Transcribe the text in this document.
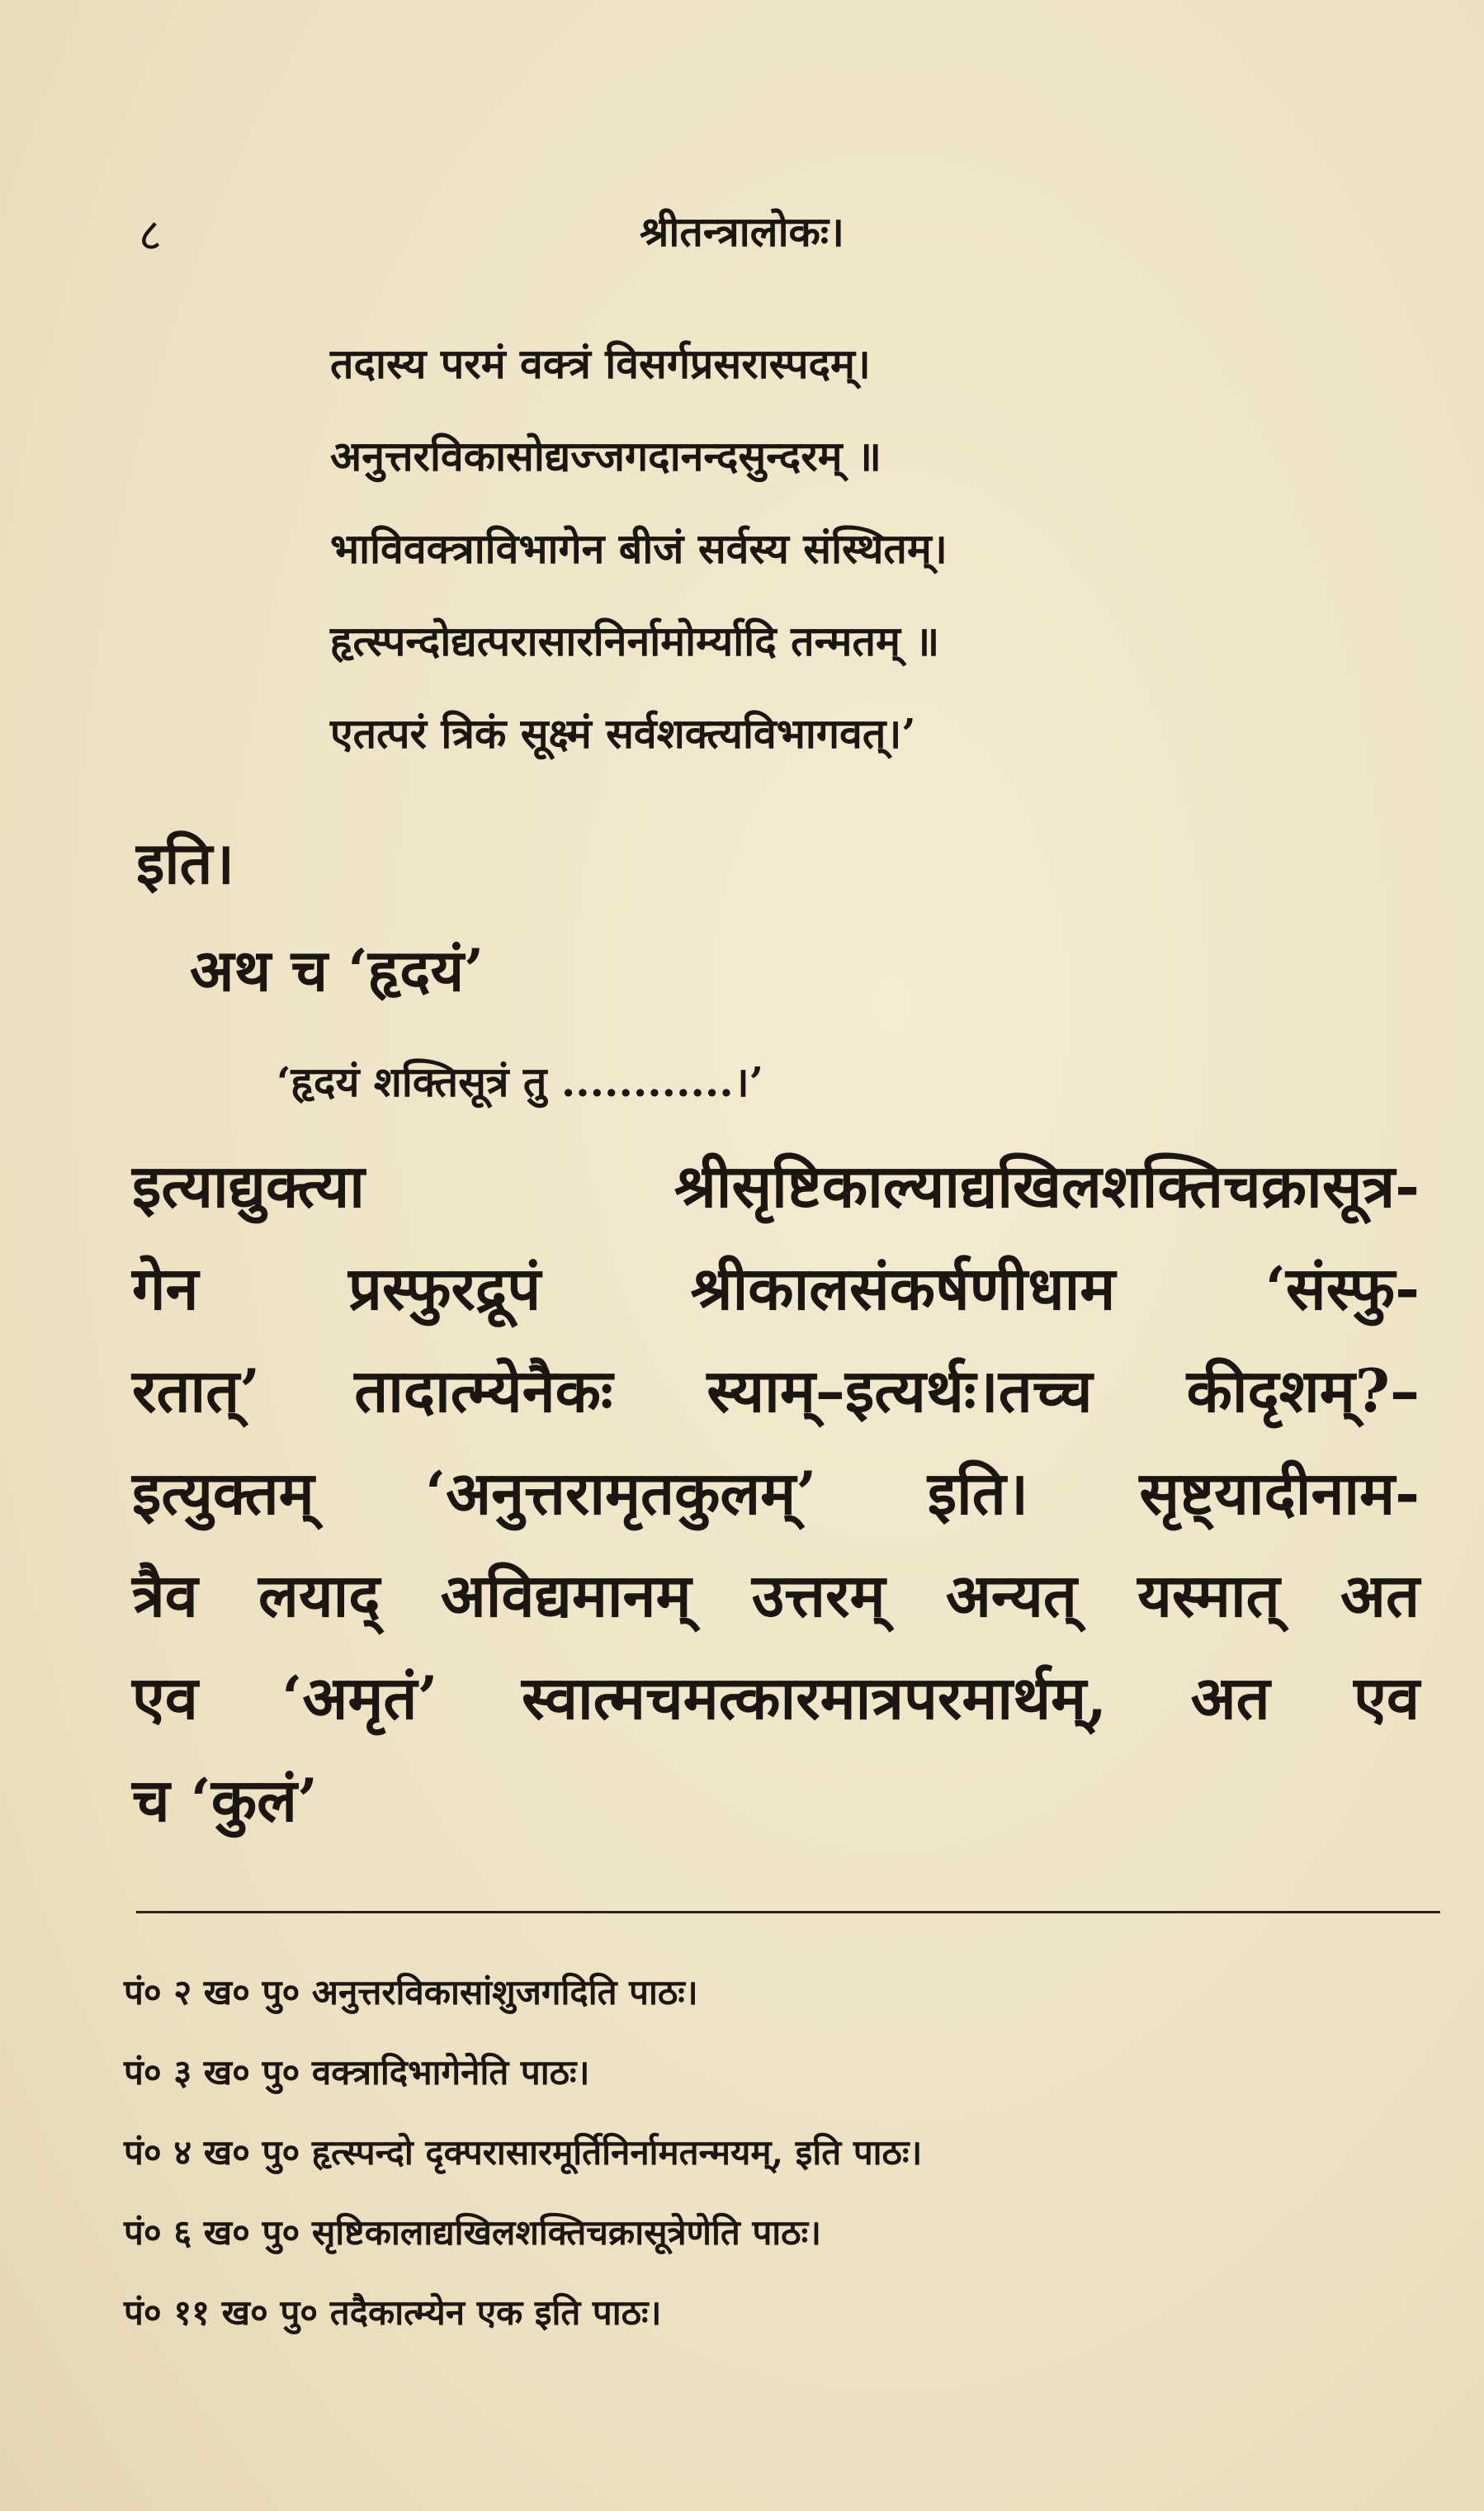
८	श्रीतन्त्रालोकः।
तदास्य परमं वक्त्रं विसर्गप्रसरास्पदम्।
अनुत्तरविकासोद्यज्जगदानन्दसुन्दरम् ॥
भाविवक्त्राविभागेन बीजं सर्वस्य संस्थितम्।
हृत्स्पन्दोद्यत्परासारनिर्नामोर्म्यादि तन्मतम् ॥
एतत्परं त्रिकं सूक्ष्मं सर्वशक्त्यविभागवत्।’
इति।
अथ च ‘हृदयं’
‘हृदयं शक्तिसूत्रं तु ............।’
इत्याद्युक्त्या श्रीसृष्टिकाल्याद्यखिलशक्तिचक्रासूत्र-
गेन प्रस्फुरद्रूपं श्रीकालसंकर्षणीधाम ‘संस्फु-
रतात्’ तादात्म्येनैकः स्याम्–इत्यर्थः।तच्च कीदृशम्?–
इत्युक्तम् ‘अनुत्तरामृतकुलम्’ इति। सृष्ट्यादीनाम-
त्रैव लयाद् अविद्यमानम् उत्तरम् अन्यत् यस्मात् अत
एव ‘अमृतं’ स्वात्मचमत्कारमात्रपरमार्थम्, अत एव
च ‘कुलं’
पं० २ ख० पु० अनुत्तरविकासांशुजगदिति पाठः।
पं० ३ ख० पु० वक्त्रादिभागेनेति पाठः।
पं० ४ ख० पु० हृत्स्पन्दो दृक्परासारमूर्तिनिर्नामतन्मयम्, इति पाठः।
पं० ६ ख० पु० सृष्टिकालाद्यखिलशक्तिचक्रासूत्रेणेति पाठः।
पं० ११ ख० पु० तदैकात्म्येन एक इति पाठः।
